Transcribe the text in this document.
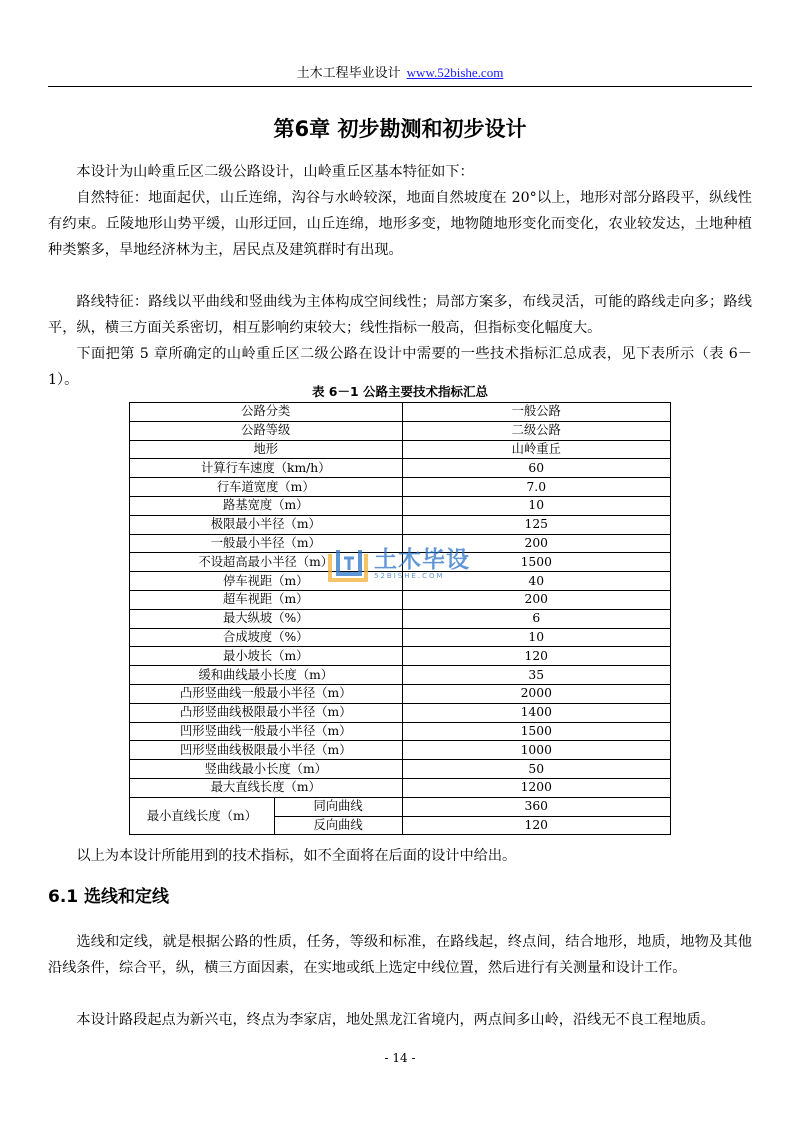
土木工程毕业设计 www.52bishe.com
第6章 初步勘测和初步设计

本设计为山岭重丘区二级公路设计，山岭重丘区基本特征如下：

自然特征：地面起伏，山丘连绵，沟谷与水岭较深，地面自然坡度在 20°以上，地形对部分路段平，纵线性有约束。丘陵地形山势平缓，山形迂回，山丘连绵，地形多变，地物随地形变化而变化，农业较发达，土地种植种类繁多，旱地经济林为主，居民点及建筑群时有出现。

路线特征：路线以平曲线和竖曲线为主体构成空间线性；局部方案多，布线灵活，可能的路线走向多；路线平，纵，横三方面关系密切，相互影响约束较大；线性指标一般高，但指标变化幅度大。

下面把第 5 章所确定的山岭重丘区二级公路在设计中需要的一些技术指标汇总成表，见下表所示（表 6－1）。

表 6－1 公路主要技术指标汇总
公路分类		一般公路
公路等级		二级公路
地形		山岭重丘
计算行车速度（km/h）		60
行车道宽度（m）		7.0
路基宽度（m）		10
极限最小半径（m）		125
一般最小半径（m）		200
不设超高最小半径（m）		1500
停车视距（m）		40
超车视距（m）		200
最大纵坡（%）		6
合成坡度（%）		10
最小坡长（m）		120
缓和曲线最小长度（m）		35
凸形竖曲线一般最小半径（m）		2000
凸形竖曲线极限最小半径（m）		1400
凹形竖曲线一般最小半径（m）		1500
凹形竖曲线极限最小半径（m）		1000
竖曲线最小长度（m）		50
最大直线长度（m）		1200
最小直线长度（m）	同向曲线	360
	反向曲线	120
土木毕设
52BISHE.COM

以上为本设计所能用到的技术指标，如不全面将在后面的设计中给出。

6.1 选线和定线

选线和定线，就是根据公路的性质，任务，等级和标准，在路线起，终点间，结合地形，地质，地物及其他沿线条件，综合平，纵，横三方面因素，在实地或纸上选定中线位置，然后进行有关测量和设计工作。

本设计路段起点为新兴屯，终点为李家店，地处黑龙江省境内，两点间多山岭，沿线无不良工程地质。

- 14 -
